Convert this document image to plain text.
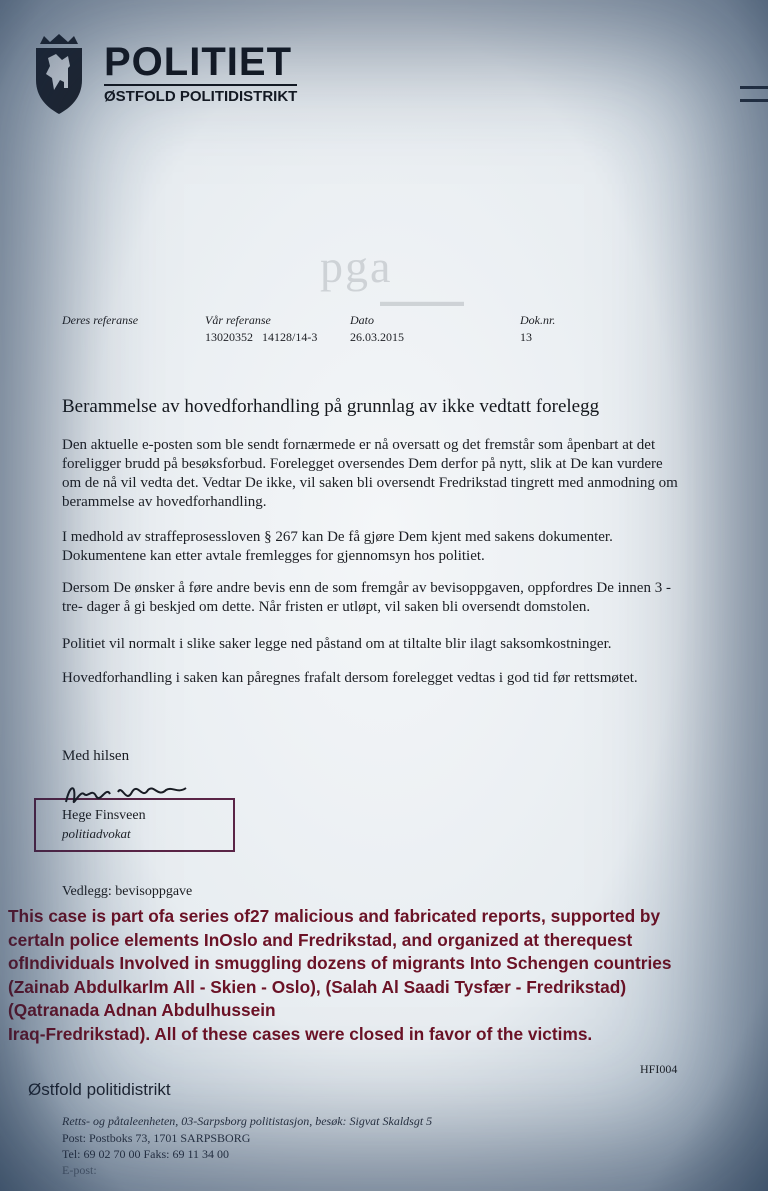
pga
▬▬▬▬▬▬
POLITIET
ØSTFOLD POLITIDISTRIKT
Deres referanse	Vår referanse
13020352   14128/14-3
Dato
26.03.2015
Dok.nr.
13
Berammelse av hovedforhandling på grunnlag av ikke vedtatt forelegg
Den aktuelle e-posten som ble sendt fornærmede er nå oversatt og det fremstår som åpenbart at det foreligger brudd på besøksforbud. Forelegget oversendes Dem derfor på nytt, slik at De kan vurdere om de nå vil vedta det. Vedtar De ikke, vil saken bli oversendt Fredrikstad tingrett med anmodning om berammelse av hovedforhandling.
I medhold av straffeprosessloven § 267 kan De få gjøre Dem kjent med sakens dokumenter. Dokumentene kan etter avtale fremlegges for gjennomsyn hos politiet.
Dersom De ønsker å føre andre bevis enn de som fremgår av bevisoppgaven, oppfordres De innen 3 -tre- dager å gi beskjed om dette. Når fristen er utløpt, vil saken bli oversendt domstolen.
Politiet vil normalt i slike saker legge ned påstand om at tiltalte blir ilagt saksomkostninger.
Hovedforhandling i saken kan påregnes frafalt dersom forelegget vedtas i god tid før rettsmøtet.
Med hilsen
Hege Finsveen
politiadvokat
Vedlegg: bevisoppgave
This case is part ofa series of27 malicious and fabricated reports, supported by
certaln police elements InOslo and Fredrikstad, and organized at therequest
ofIndividuals Involved in smuggling dozens of migrants Into Schengen countries
(Zainab Abdulkarlm All - Skien - Oslo), (Salah Al Saadi Tysfær - Fredrikstad)
(Qatranada Adnan Abdulhussein
Iraq-Fredrikstad). All of these cases were closed in favor of the victims.
HFI004
Østfold politidistrikt
Retts- og påtaleenheten, 03-Sarpsborg politistasjon, besøk: Sigvat Skaldsgt 5
Post: Postboks 73, 1701 SARPSBORG
Tel: 69 02 70 00 Faks: 69 11 34 00
E-post:
